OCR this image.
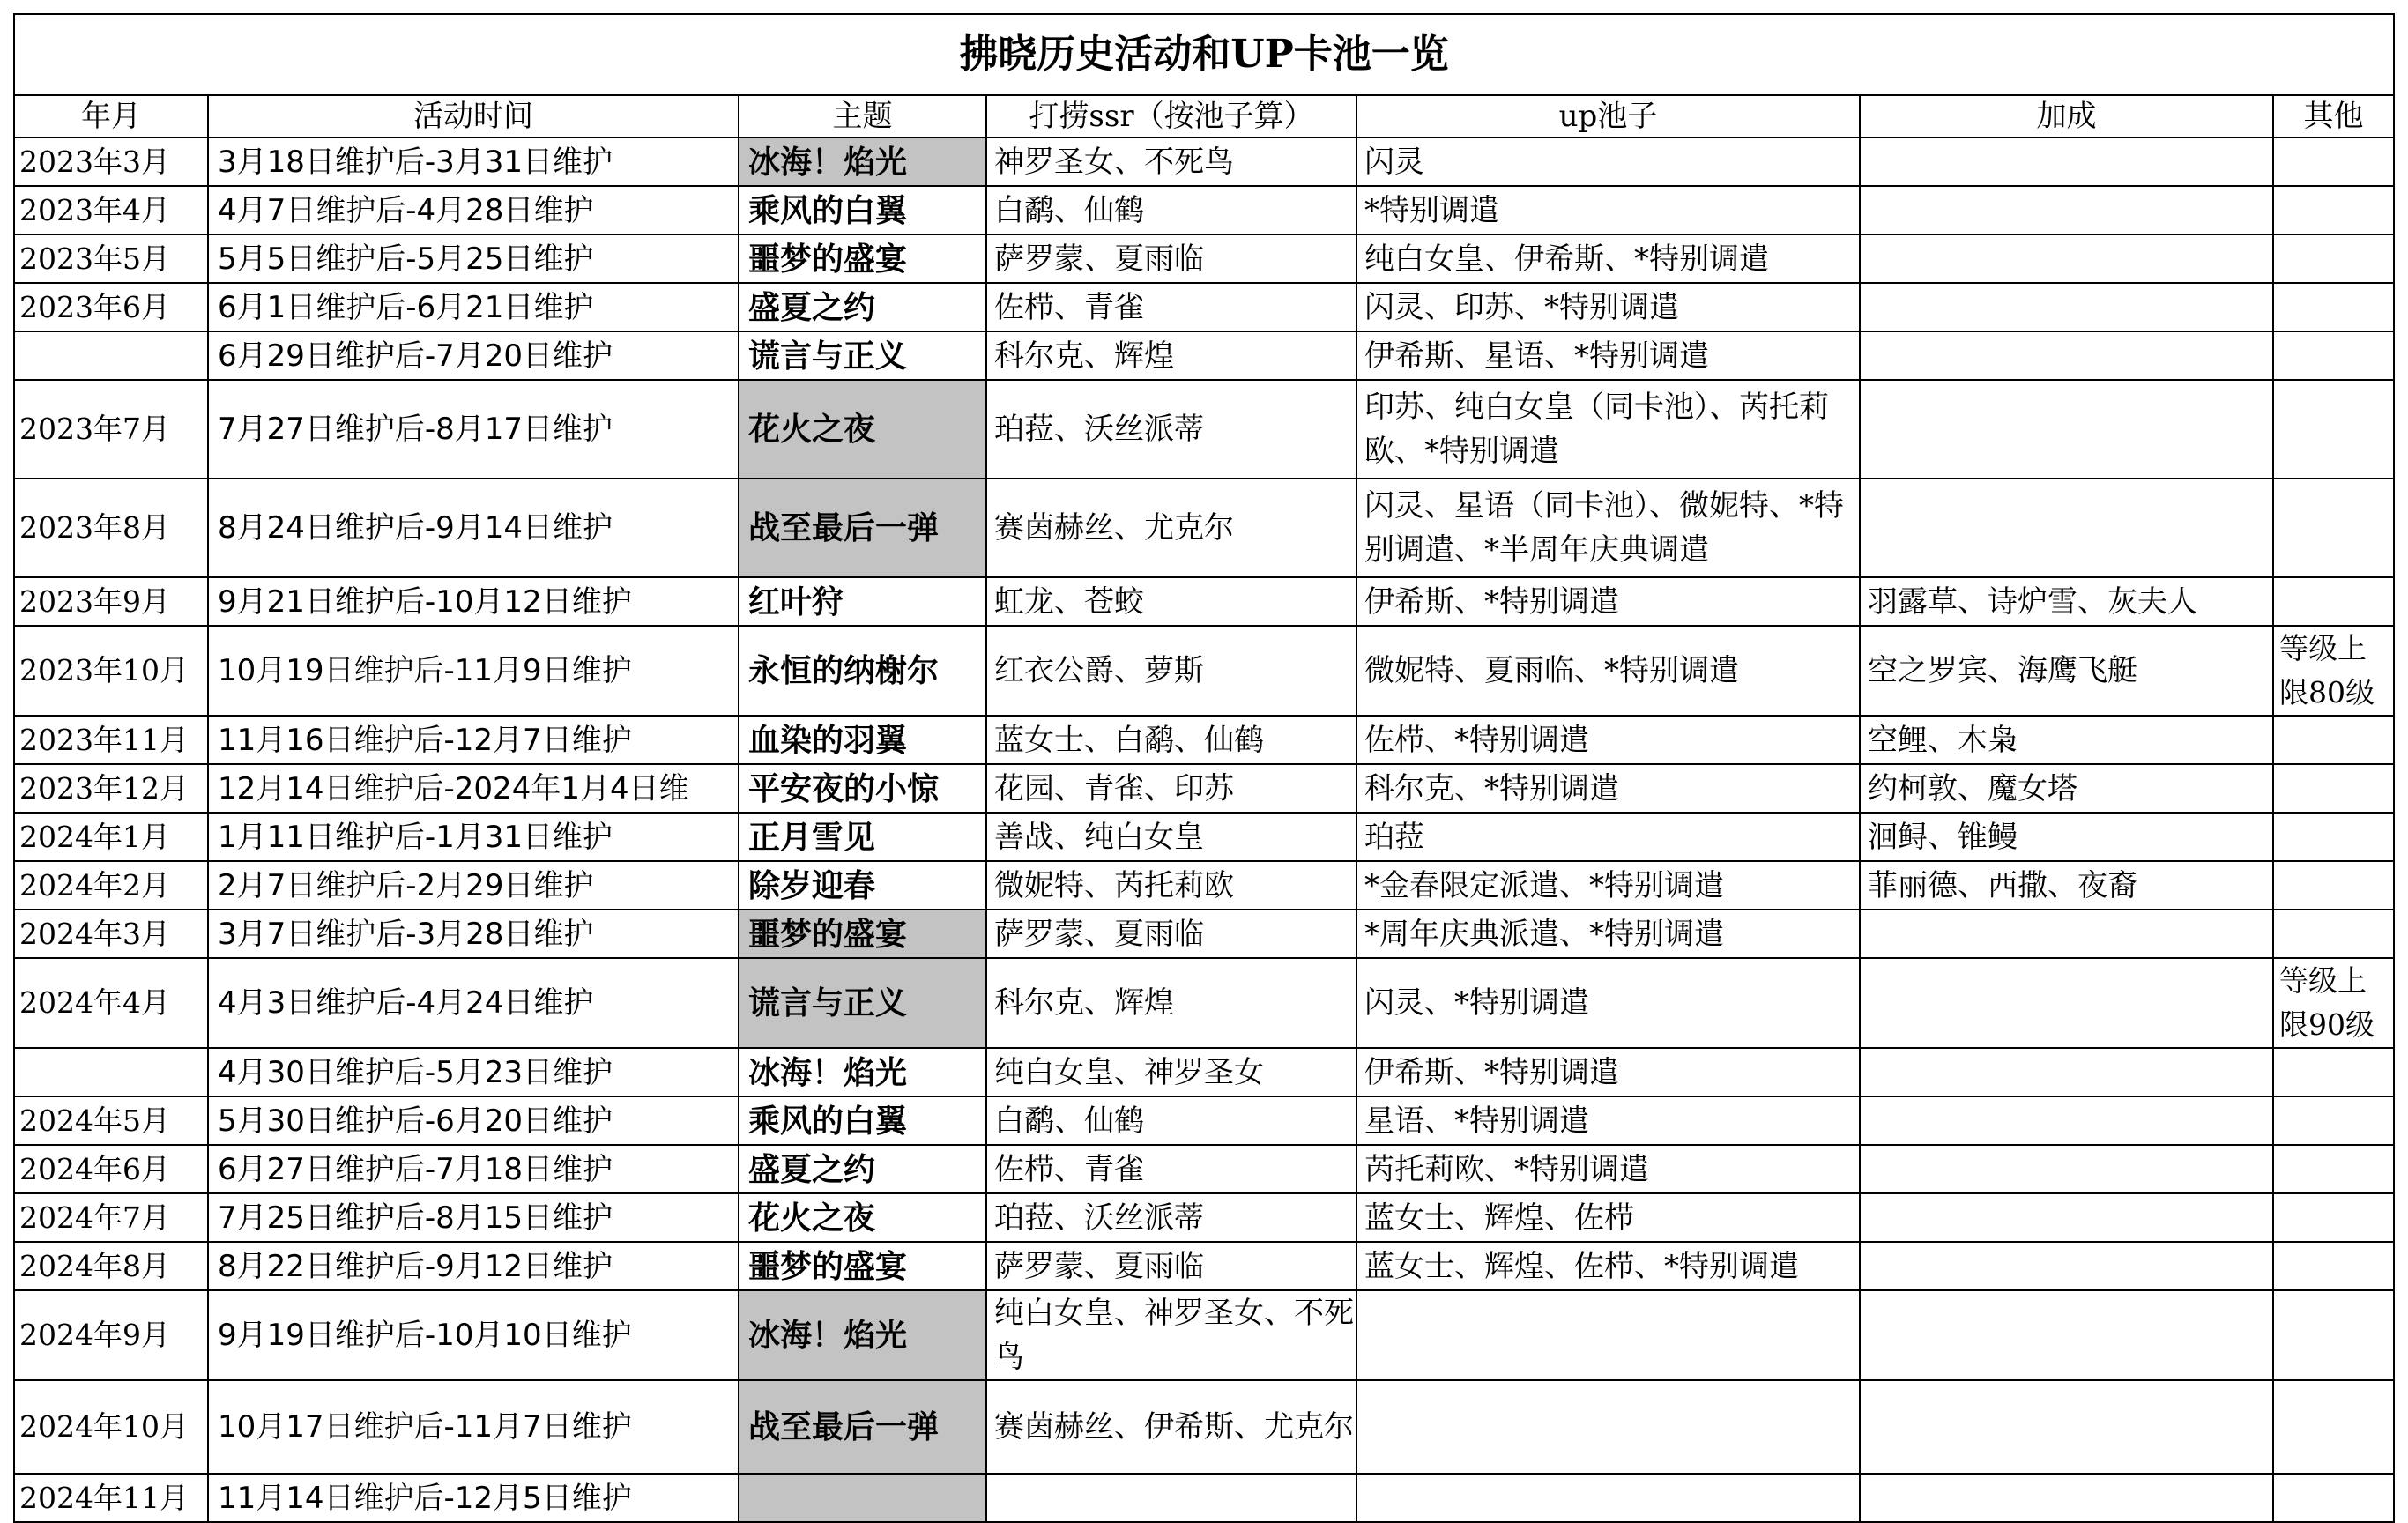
拂晓历史活动和UP卡池一览						
年月	活动时间	主题	打捞ssr（按池子算）	up池子	加成	其他
2023年3月	3月18日维护后-3月31日维护	冰海！焰光	神罗圣女、不死鸟	闪灵		
2023年4月	4月7日维护后-4月28日维护	乘风的白翼	白鹬、仙鹤	*特别调遣		
2023年5月	5月5日维护后-5月25日维护	噩梦的盛宴	萨罗蒙、夏雨临	纯白女皇、伊希斯、*特别调遣		
2023年6月	6月1日维护后-6月21日维护	盛夏之约	佐栉、青雀	闪灵、印苏、*特别调遣		
	6月29日维护后-7月20日维护	谎言与正义	科尔克、辉煌	伊希斯、星语、*特别调遣		
2023年7月	7月27日维护后-8月17日维护	花火之夜	珀菈、沃丝派蒂	印苏、纯白女皇（同卡池）、芮托莉欧、*特别调遣		
2023年8月	8月24日维护后-9月14日维护	战至最后一弹	赛茵赫丝、尤克尔	闪灵、星语（同卡池）、微妮特、*特别调遣、*半周年庆典调遣		
2023年9月	9月21日维护后-10月12日维护	红叶狩	虹龙、苍蛟	伊希斯、*特别调遣	羽露草、诗炉雪、灰夫人	
2023年10月	10月19日维护后-11月9日维护	永恒的纳榭尔	红衣公爵、萝斯	微妮特、夏雨临、*特别调遣	空之罗宾、海鹰飞艇	等级上限80级
2023年11月	11月16日维护后-12月7日维护	血染的羽翼	蓝女士、白鹬、仙鹤	佐栉、*特别调遣	空鲤、木枭	
2023年12月	12月14日维护后-2024年1月4日维	平安夜的小惊	花园、青雀、印苏	科尔克、*特别调遣	约柯敦、魔女塔	
2024年1月	1月11日维护后-1月31日维护	正月雪见	善战、纯白女皇	珀菈	洄鲟、锥鳗	
2024年2月	2月7日维护后-2月29日维护	除岁迎春	微妮特、芮托莉欧	*金春限定派遣、*特别调遣	菲丽德、西撒、夜裔	
2024年3月	3月7日维护后-3月28日维护	噩梦的盛宴	萨罗蒙、夏雨临	*周年庆典派遣、*特别调遣		
2024年4月	4月3日维护后-4月24日维护	谎言与正义	科尔克、辉煌	闪灵、*特别调遣		等级上限90级
	4月30日维护后-5月23日维护	冰海！焰光	纯白女皇、神罗圣女	伊希斯、*特别调遣		
2024年5月	5月30日维护后-6月20日维护	乘风的白翼	白鹬、仙鹤	星语、*特别调遣		
2024年6月	6月27日维护后-7月18日维护	盛夏之约	佐栉、青雀	芮托莉欧、*特别调遣		
2024年7月	7月25日维护后-8月15日维护	花火之夜	珀菈、沃丝派蒂	蓝女士、辉煌、佐栉		
2024年8月	8月22日维护后-9月12日维护	噩梦的盛宴	萨罗蒙、夏雨临	蓝女士、辉煌、佐栉、*特别调遣		
2024年9月	9月19日维护后-10月10日维护	冰海！焰光	纯白女皇、神罗圣女、不死鸟			
2024年10月	10月17日维护后-11月7日维护	战至最后一弹	赛茵赫丝、伊希斯、尤克尔			
2024年11月	11月14日维护后-12月5日维护					
